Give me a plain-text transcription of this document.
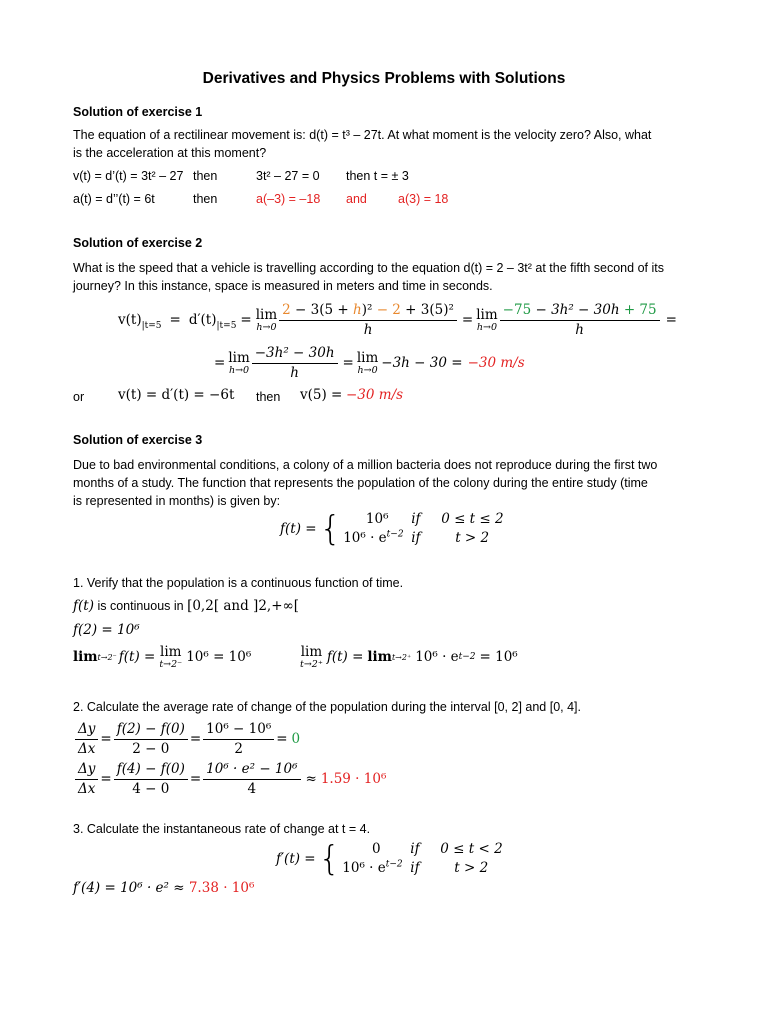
Derivatives and Physics Problems with Solutions
Solution of exercise 1
The equation of a rectilinear movement is: d(t) = t³ – 27t. At what moment is the velocity zero? Also, what
is the acceleration at this moment?
v(t) = d’(t) = 3t² – 27 then	3t² – 27 = 0 then t = ± 3
a(t) = d’’(t) = 6t	then	a(–3) = –18 and a(3) = 18
Solution of exercise 2
What is the speed that a vehicle is travelling according to the equation d(t) = 2 – 3t² at the fifth second of its
journey? In this instance, space is measured in meters and time in seconds.
v(t) |t=5 = d′(t) |t=5 = lim
$h\to 0 \frac{\text{2 − 3(5 + h)² − 2 + 3(5)²}}{h} = \lim$
$h\to 0 \frac{\text{−75 − 3h² − 30h + 75}}{h}$ =
= lim
$h\to 0 \frac{\text{−3h² − 30h}}{h} = \lim$
h→0 −3h − 30 = −30 m/s
or	v(t) = d′(t) = −6t then v(5) = −30 m/s
Solution of exercise 3
Due to bad environmental conditions, a colony of a million bacteria does not reproduce during the first two
months of a study. The function that represents the population of the colony during the entire study (time
is represented in months) is given by:
f(t) = {	10⁶	if	0 ≤ t ≤ 2
$10^6 \cdot e^{t-2}$ if	t > 2
1. Verify that the population is a continuous function of time.
f(t) is continuous in [0,2[ and ]2,+∞[
f(2) = 10⁶
lim t→2⁻ f(t) = lim
t→2⁻ 10⁶ = 10⁶	lim
t→2⁺ f(t) = lim t→2⁺ 10⁶ · e t−2 = 10⁶
2. Calculate the average rate of change of the population during the interval [0, 2] and [0, 4].
$\frac{\Delta y}{\Delta x} = \frac{f(2) - f(0)}{2 - 0} = \frac{\text{10⁶ − 10⁶}}{2} = 0$
$\frac{\Delta y}{\Delta x} = \frac{f(4) - f(0)}{4 - 0} = \frac{\text{10⁶ · e² − 10⁶}}{4} \approx 1.59 \cdot 10^6$
3. Calculate the instantaneous rate of change at t = 4.
f′(t) = {	0	if	0 ≤ t < 2
$10^6 \cdot e^{t-2}$ if	t > 2
f′(4) = 10⁶ · e² ≈ 7.38 · 10⁶
